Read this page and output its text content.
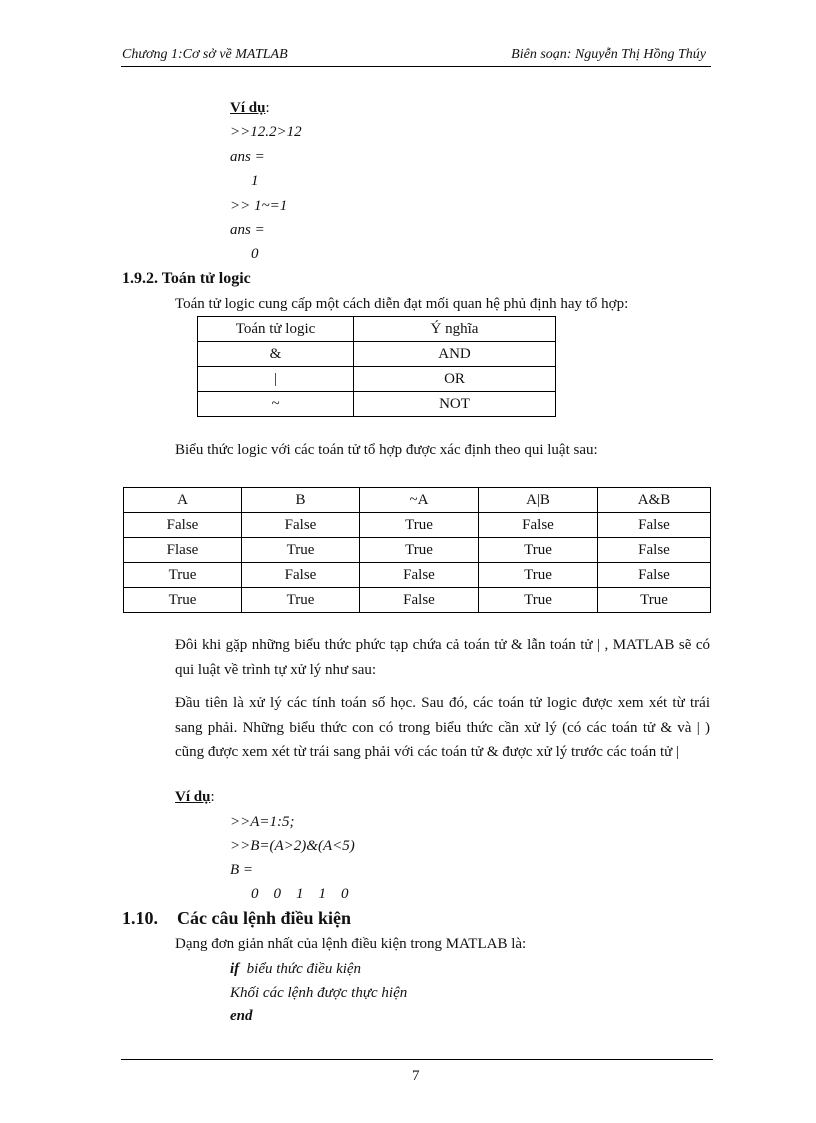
Chương 1:Cơ sở về MATLAB	Biên soạn: Nguyễn Thị Hồng Thúy
Ví dụ:
>>12.2>12
ans =
1
>> 1~=1
ans =
0
1.9.2. Toán tử logic
Toán tử logic cung cấp một cách diễn đạt mối quan hệ phủ định hay tổ hợp:
Toán tử logic	Ý nghĩa
&	AND
|	OR
~	NOT
Biểu thức logic với các toán tử tổ hợp được xác định theo qui luật sau:
A	B	~A	A|B	A&B
False	False	True	False	False
Flase	True	True	True	False
True	False	False	True	False
True	True	False	True	True
Đôi khi gặp những biểu thức phức tạp chứa cả toán tử & lẫn toán tử | , MATLAB sẽ có qui luật về trình tự xử lý như sau:
Đầu tiên là xử lý các tính toán số học. Sau đó, các toán tử logic được xem xét từ trái sang phải. Những biểu thức con có trong biểu thức cần xử lý (có các toán tử & và | ) cũng được xem xét từ trái sang phải với các toán tử & được xử lý trước các toán tử |
Ví dụ:
>>A=1:5;
>>B=(A>2)&(A<5)
B =
0    0    1    1    0
1.10. Các câu lệnh điều kiện
Dạng đơn giản nhất của lệnh điều kiện trong MATLAB là:
if biểu thức điều kiện
Khối các lệnh được thực hiện
end
7
